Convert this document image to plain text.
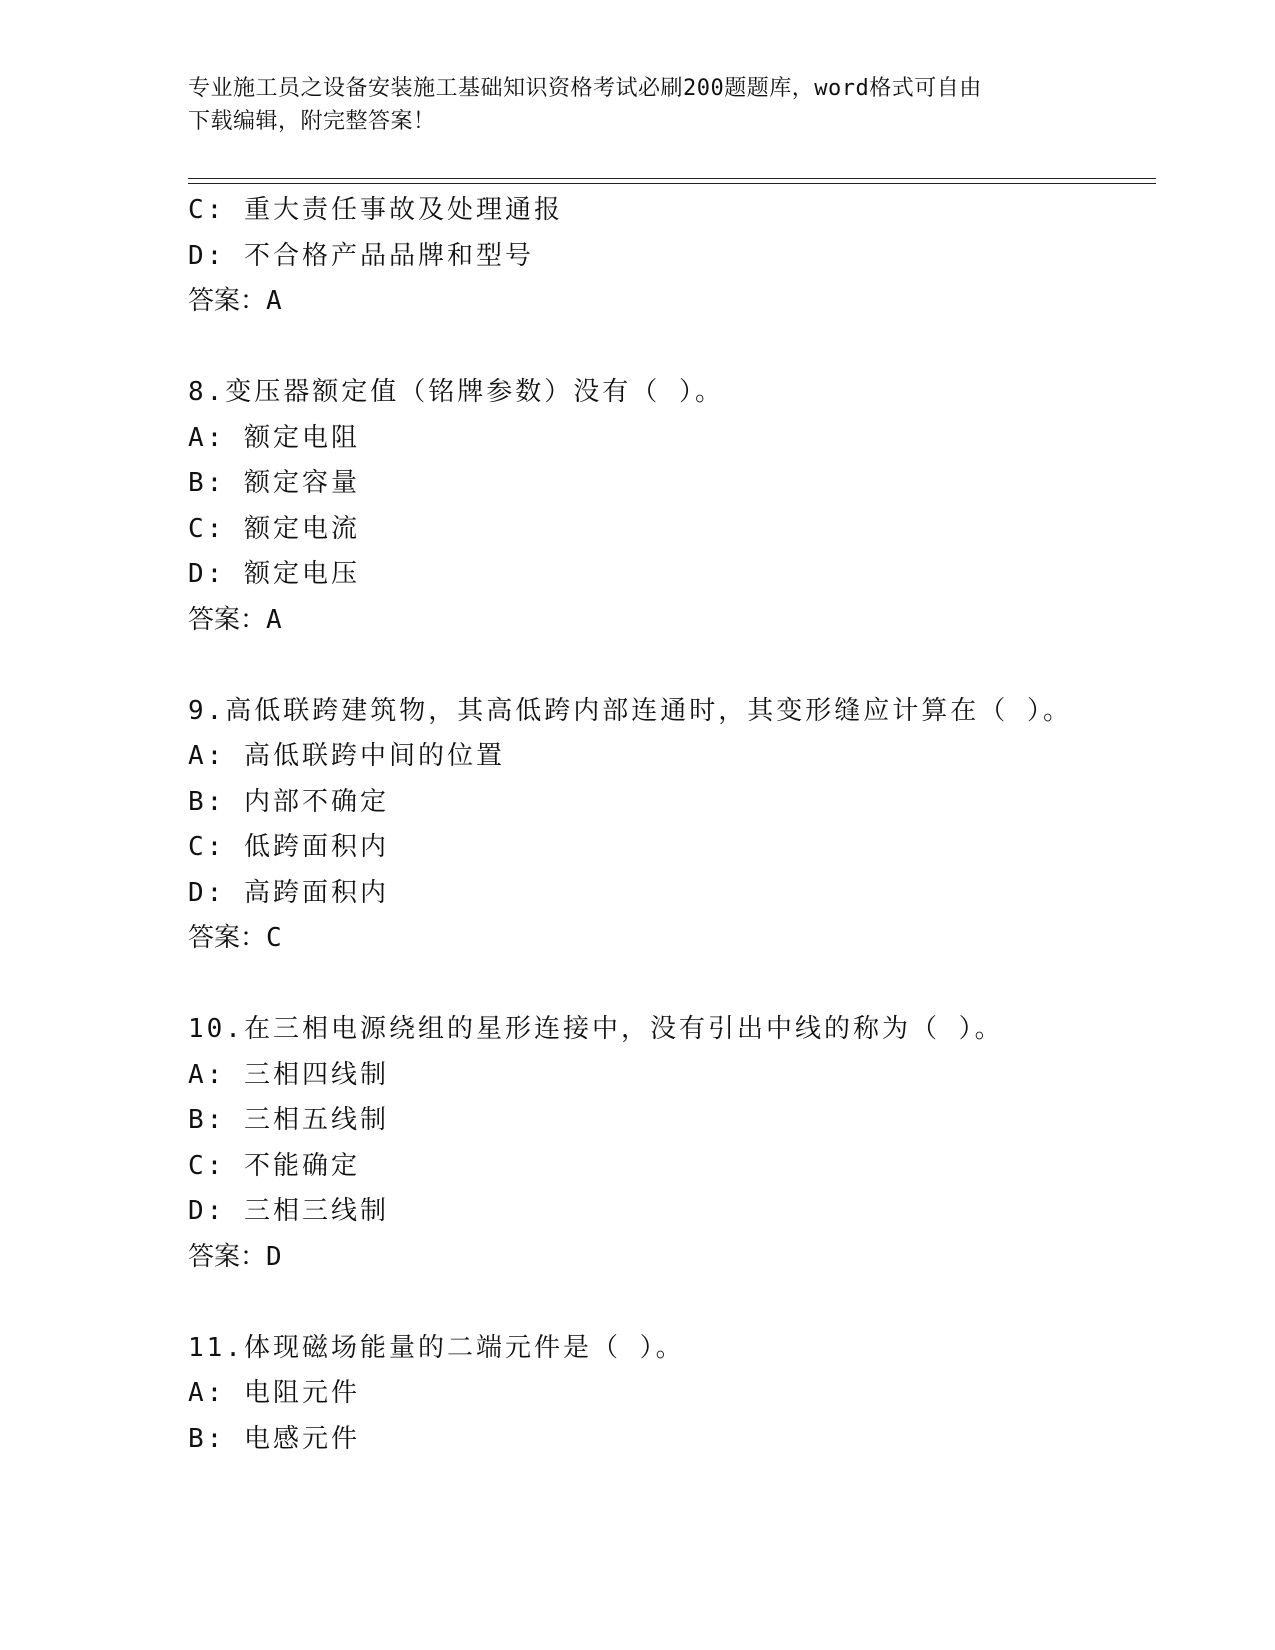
专业施工员之设备安装施工基础知识资格考试必刷200题题库，word格式可自由
下载编辑，附完整答案！
C: 重大责任事故及处理通报
D: 不合格产品品牌和型号
答案：A
8.变压器额定值（铭牌参数）没有（ ）。
A: 额定电阻
B: 额定容量
C: 额定电流
D: 额定电压
答案：A
9.高低联跨建筑物，其高低跨内部连通时，其变形缝应计算在（ ）。
A: 高低联跨中间的位置
B: 内部不确定
C: 低跨面积内
D: 高跨面积内
答案：C
10.在三相电源绕组的星形连接中，没有引出中线的称为（ ）。
A: 三相四线制
B: 三相五线制
C: 不能确定
D: 三相三线制
答案：D
11.体现磁场能量的二端元件是（ ）。
A: 电阻元件
B: 电感元件
